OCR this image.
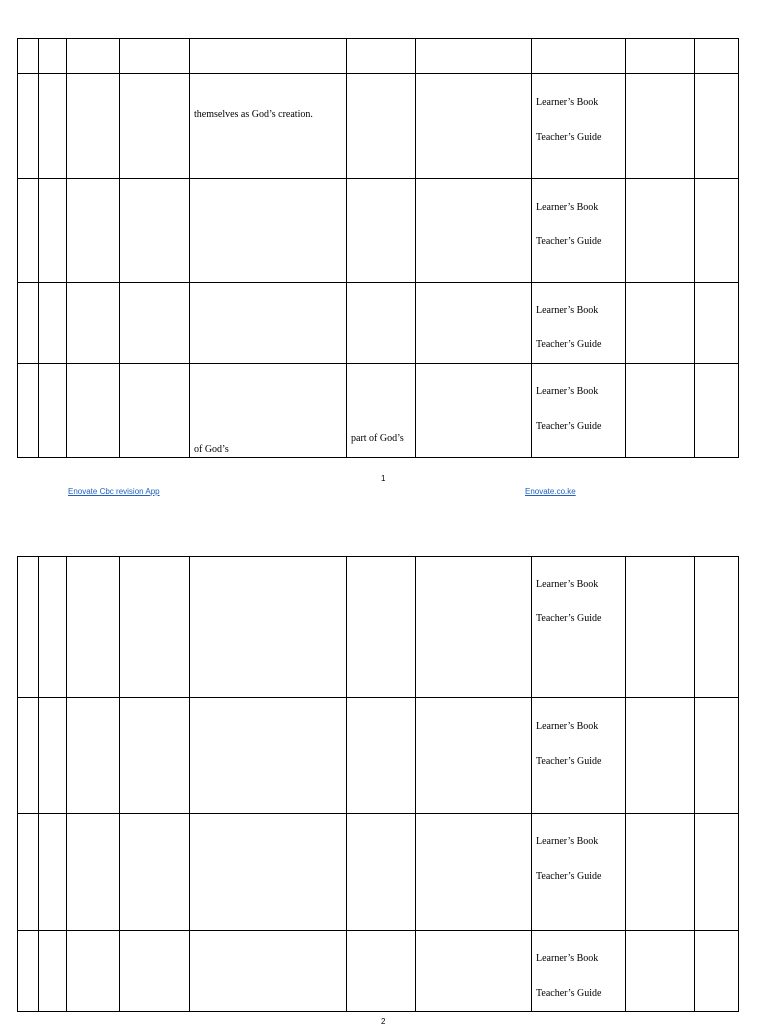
				themselves as God’s creation.			Learner’s Book
Teacher’s Guide		

							Learner’s Book
Teacher’s Guide		

							Learner’s Book
Teacher’s Guide		

				of God’s	part of God’s		Learner’s Book
Teacher’s Guide		

1
Enovate Cbc revision App	Enovate.co.ke

							Learner’s Book
Teacher’s Guide		

							Learner’s Book
Teacher’s Guide		

							Learner’s Book
Teacher’s Guide		

							Learner’s Book
Teacher’s Guide		

2
